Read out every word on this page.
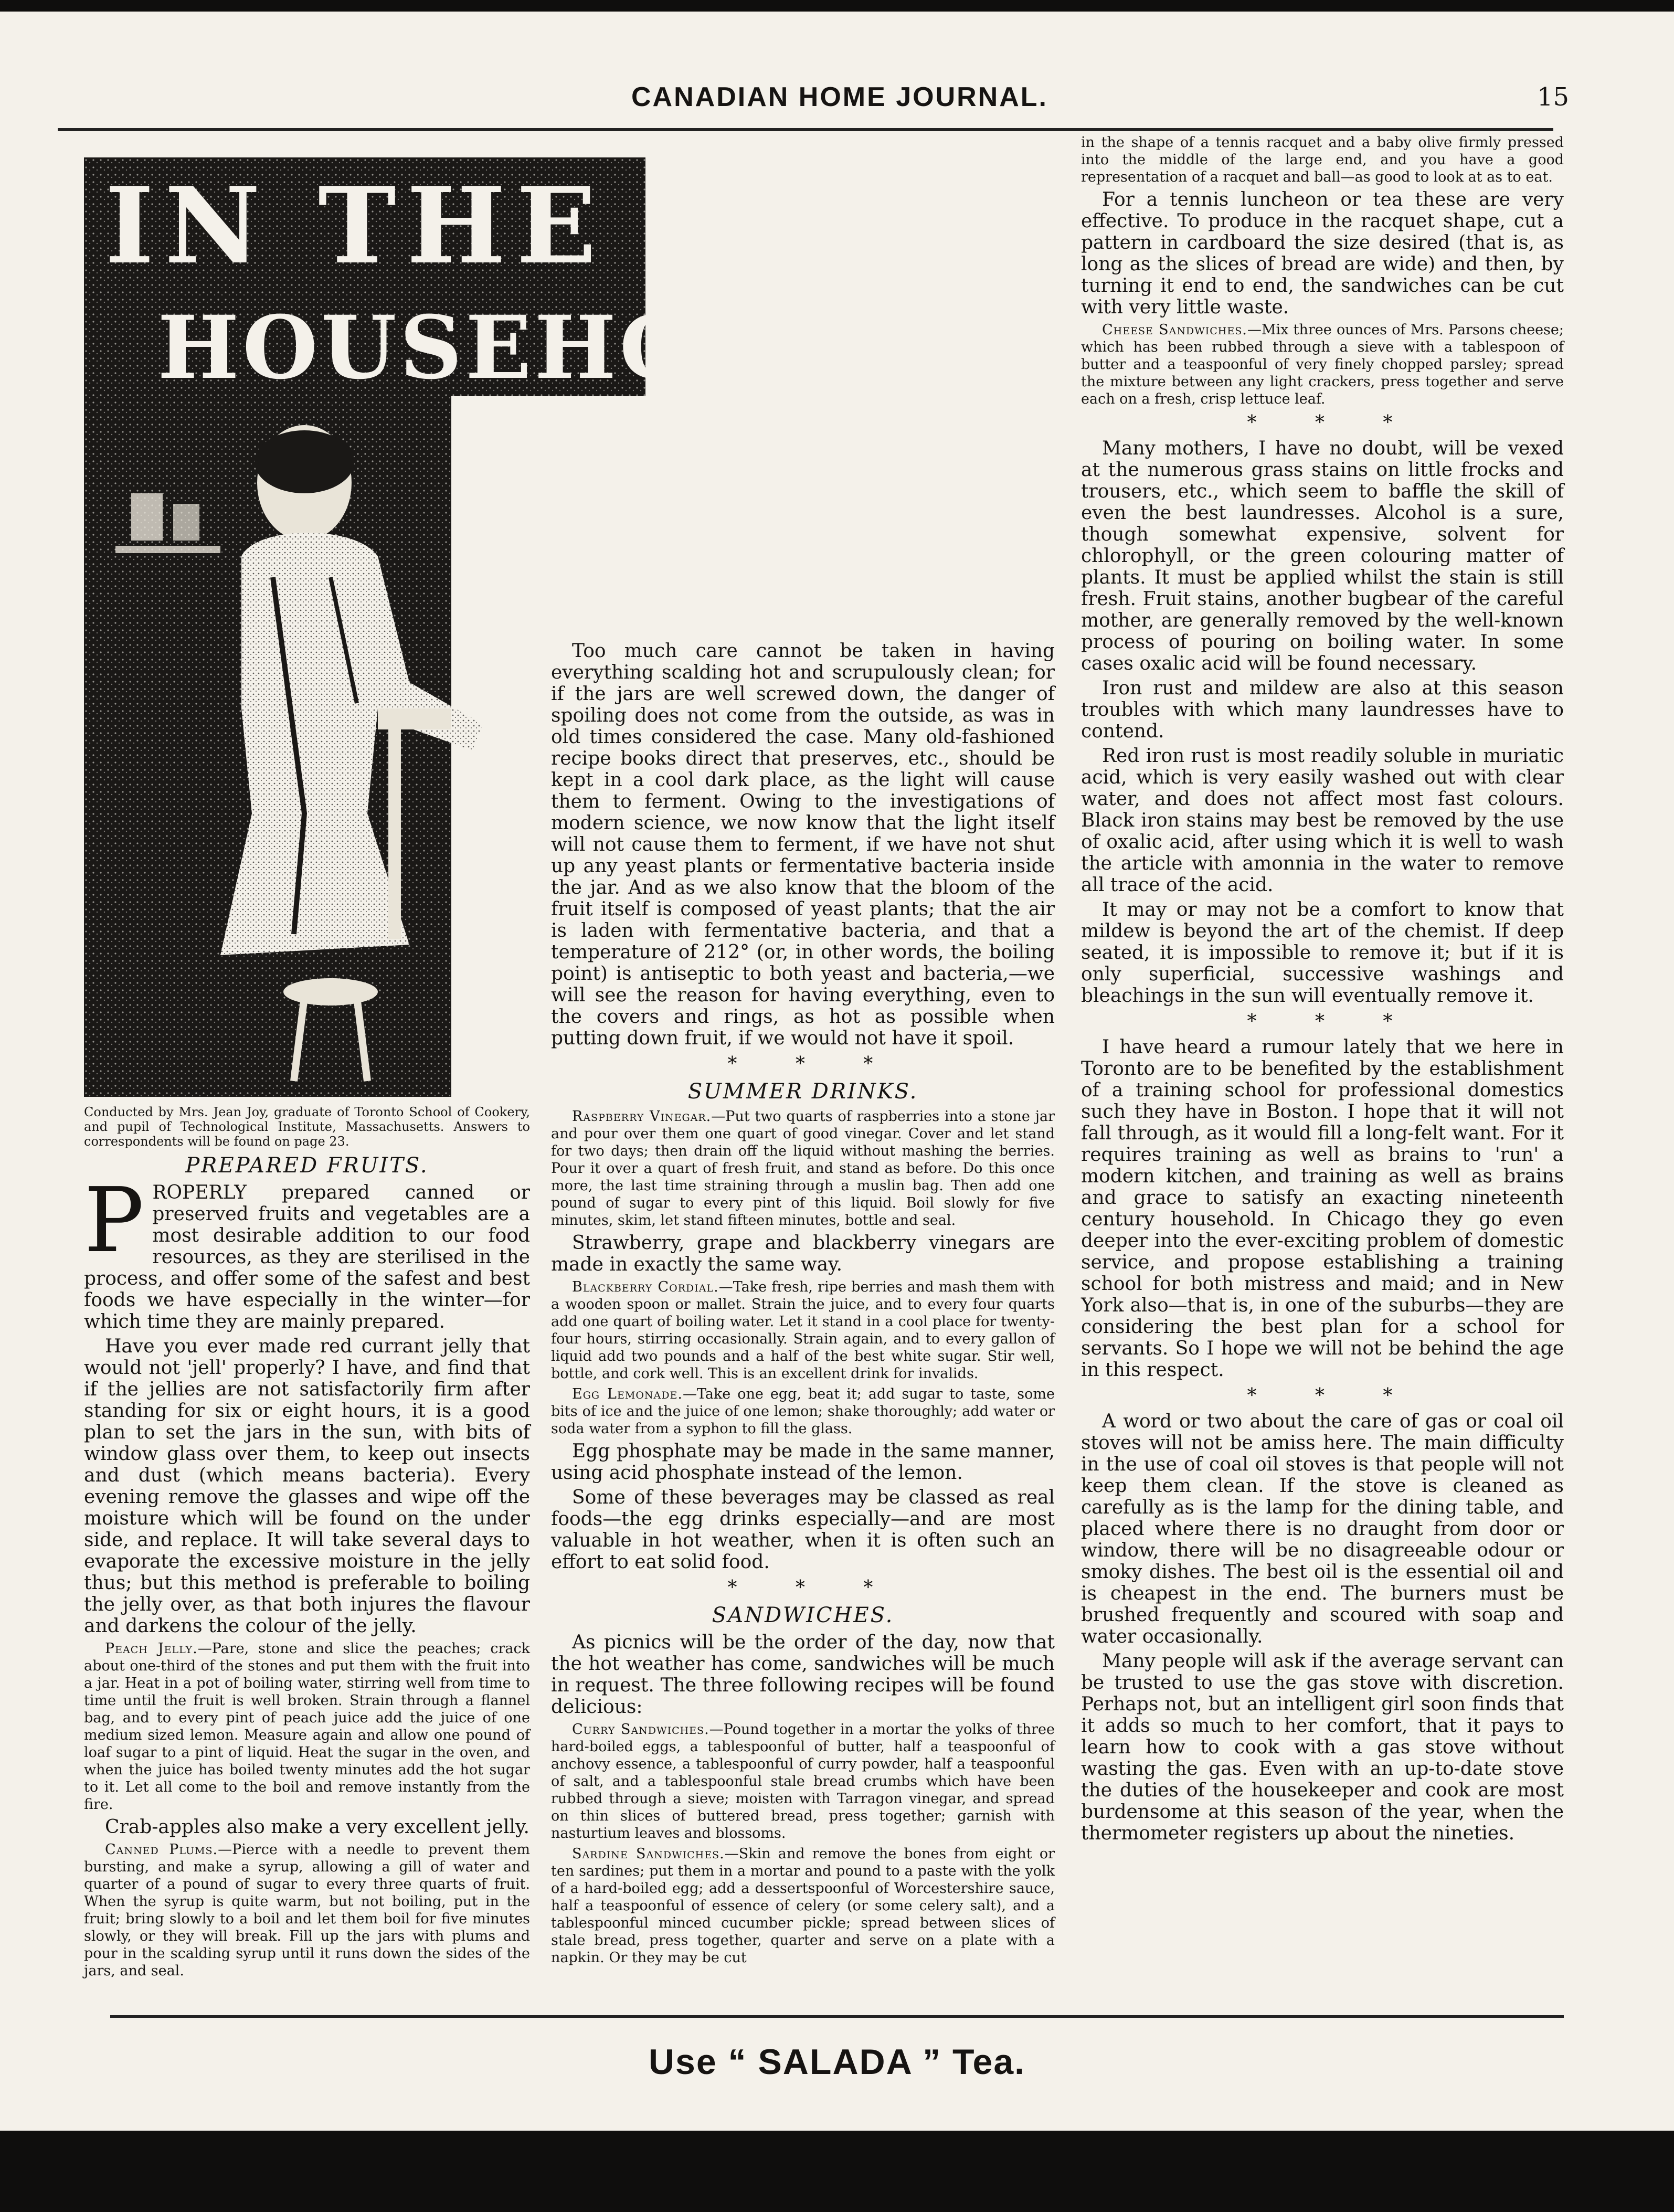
CANADIAN HOME JOURNAL.	15
IN THE
HOUSEHOLD

Conducted by Mrs. Jean Joy, graduate of Toronto School of Cookery, and pupil of Technological Institute, Massachusetts. Answers to correspondents will be found on page 23.

PREPARED FRUITS.

PROPERLY prepared canned or preserved fruits and vegetables are a most desirable addition to our food resources, as they are sterilised in the process, and offer some of the safest and best foods we have especially in the winter—for which time they are mainly prepared.

Have you ever made red currant jelly that would not 'jell' properly? I have, and find that if the jellies are not satisfactorily firm after standing for six or eight hours, it is a good plan to set the jars in the sun, with bits of window glass over them, to keep out insects and dust (which means bacteria). Every evening remove the glasses and wipe off the moisture which will be found on the under side, and replace. It will take several days to evaporate the excessive moisture in the jelly thus; but this method is preferable to boiling the jelly over, as that both injures the flavour and darkens the colour of the jelly.

Peach Jelly.—Pare, stone and slice the peaches; crack about one-third of the stones and put them with the fruit into a jar. Heat in a pot of boiling water, stirring well from time to time until the fruit is well broken. Strain through a flannel bag, and to every pint of peach juice add the juice of one medium sized lemon. Measure again and allow one pound of loaf sugar to a pint of liquid. Heat the sugar in the oven, and when the juice has boiled twenty minutes add the hot sugar to it. Let all come to the boil and remove instantly from the fire.

Crab-apples also make a very excellent jelly.

Canned Plums.—Pierce with a needle to prevent them bursting, and make a syrup, allowing a gill of water and quarter of a pound of sugar to every three quarts of fruit. When the syrup is quite warm, but not boiling, put in the fruit; bring slowly to a boil and let them boil for five minutes slowly, or they will break. Fill up the jars with plums and pour in the scalding syrup until it runs down the sides of the jars, and seal.

Too much care cannot be taken in having everything scalding hot and scrupulously clean; for if the jars are well screwed down, the danger of spoiling does not come from the outside, as was in old times considered the case. Many old-fashioned recipe books direct that preserves, etc., should be kept in a cool dark place, as the light will cause them to ferment. Owing to the investigations of modern science, we now know that the light itself will not cause them to ferment, if we have not shut up any yeast plants or fermentative bacteria inside the jar. And as we also know that the bloom of the fruit itself is composed of yeast plants; that the air is laden with fermentative bacteria, and that a temperature of 212° (or, in other words, the boiling point) is antiseptic to both yeast and bacteria,—we will see the reason for having everything, even to the covers and rings, as hot as possible when putting down fruit, if we would not have it spoil.

* * *
SUMMER DRINKS.

Raspberry Vinegar.—Put two quarts of raspberries into a stone jar and pour over them one quart of good vinegar. Cover and let stand for two days; then drain off the liquid without mashing the berries. Pour it over a quart of fresh fruit, and stand as before. Do this once more, the last time straining through a muslin bag. Then add one pound of sugar to every pint of this liquid. Boil slowly for five minutes, skim, let stand fifteen minutes, bottle and seal.

Strawberry, grape and blackberry vinegars are made in exactly the same way.

Blackberry Cordial.—Take fresh, ripe berries and mash them with a wooden spoon or mallet. Strain the juice, and to every four quarts add one quart of boiling water. Let it stand in a cool place for twenty-four hours, stirring occasionally. Strain again, and to every gallon of liquid add two pounds and a half of the best white sugar. Stir well, bottle, and cork well. This is an excellent drink for invalids.

Egg Lemonade.—Take one egg, beat it; add sugar to taste, some bits of ice and the juice of one lemon; shake thoroughly; add water or soda water from a syphon to fill the glass.

Egg phosphate may be made in the same manner, using acid phosphate instead of the lemon.

Some of these beverages may be classed as real foods—the egg drinks especially—and are most valuable in hot weather, when it is often such an effort to eat solid food.

* * *
SANDWICHES.

As picnics will be the order of the day, now that the hot weather has come, sandwiches will be much in request. The three following recipes will be found delicious:

Curry Sandwiches.—Pound together in a mortar the yolks of three hard-boiled eggs, a tablespoonful of butter, half a teaspoonful of anchovy essence, a tablespoonful of curry powder, half a teaspoonful of salt, and a tablespoonful stale bread crumbs which have been rubbed through a sieve; moisten with Tarragon vinegar, and spread on thin slices of buttered bread, press together; garnish with nasturtium leaves and blossoms.

Sardine Sandwiches.—Skin and remove the bones from eight or ten sardines; put them in a mortar and pound to a paste with the yolk of a hard-boiled egg; add a dessertspoonful of Worcestershire sauce, half a teaspoonful of essence of celery (or some celery salt), and a tablespoonful minced cucumber pickle; spread between slices of stale bread, press together, quarter and serve on a plate with a napkin. Or they may be cut

in the shape of a tennis racquet and a baby olive firmly pressed into the middle of the large end, and you have a good representation of a racquet and ball—as good to look at as to eat.

For a tennis luncheon or tea these are very effective. To produce in the racquet shape, cut a pattern in cardboard the size desired (that is, as long as the slices of bread are wide) and then, by turning it end to end, the sandwiches can be cut with very little waste.

Cheese Sandwiches.—Mix three ounces of Mrs. Parsons cheese; which has been rubbed through a sieve with a tablespoon of butter and a teaspoonful of very finely chopped parsley; spread the mixture between any light crackers, press together and serve each on a fresh, crisp lettuce leaf.

* * *

Many mothers, I have no doubt, will be vexed at the numerous grass stains on little frocks and trousers, etc., which seem to baffle the skill of even the best laundresses. Alcohol is a sure, though somewhat expensive, solvent for chlorophyll, or the green colouring matter of plants. It must be applied whilst the stain is still fresh. Fruit stains, another bugbear of the careful mother, are generally removed by the well-known process of pouring on boiling water. In some cases oxalic acid will be found necessary.

Iron rust and mildew are also at this season troubles with which many laundresses have to contend.

Red iron rust is most readily soluble in muriatic acid, which is very easily washed out with clear water, and does not affect most fast colours. Black iron stains may best be removed by the use of oxalic acid, after using which it is well to wash the article with amonnia in the water to remove all trace of the acid.

It may or may not be a comfort to know that mildew is beyond the art of the chemist. If deep seated, it is impossible to remove it; but if it is only superficial, successive washings and bleachings in the sun will eventually remove it.

* * *

I have heard a rumour lately that we here in Toronto are to be benefited by the establishment of a training school for professional domestics such they have in Boston. I hope that it will not fall through, as it would fill a long-felt want. For it requires training as well as brains to 'run' a modern kitchen, and training as well as brains and grace to satisfy an exacting nineteenth century household. In Chicago they go even deeper into the ever-exciting problem of domestic service, and propose establishing a training school for both mistress and maid; and in New York also—that is, in one of the suburbs—they are considering the best plan for a school for servants. So I hope we will not be behind the age in this respect.

* * *

A word or two about the care of gas or coal oil stoves will not be amiss here. The main difficulty in the use of coal oil stoves is that people will not keep them clean. If the stove is cleaned as carefully as is the lamp for the dining table, and placed where there is no draught from door or window, there will be no disagreeable odour or smoky dishes. The best oil is the essential oil and is cheapest in the end. The burners must be brushed frequently and scoured with soap and water occasionally.

Many people will ask if the average servant can be trusted to use the gas stove with discretion. Perhaps not, but an intelligent girl soon finds that it adds so much to her comfort, that it pays to learn how to cook with a gas stove without wasting the gas. Even with an up-to-date stove the duties of the housekeeper and cook are most burdensome at this season of the year, when the thermometer registers up about the nineties.

Use “ SALADA ” Tea.
